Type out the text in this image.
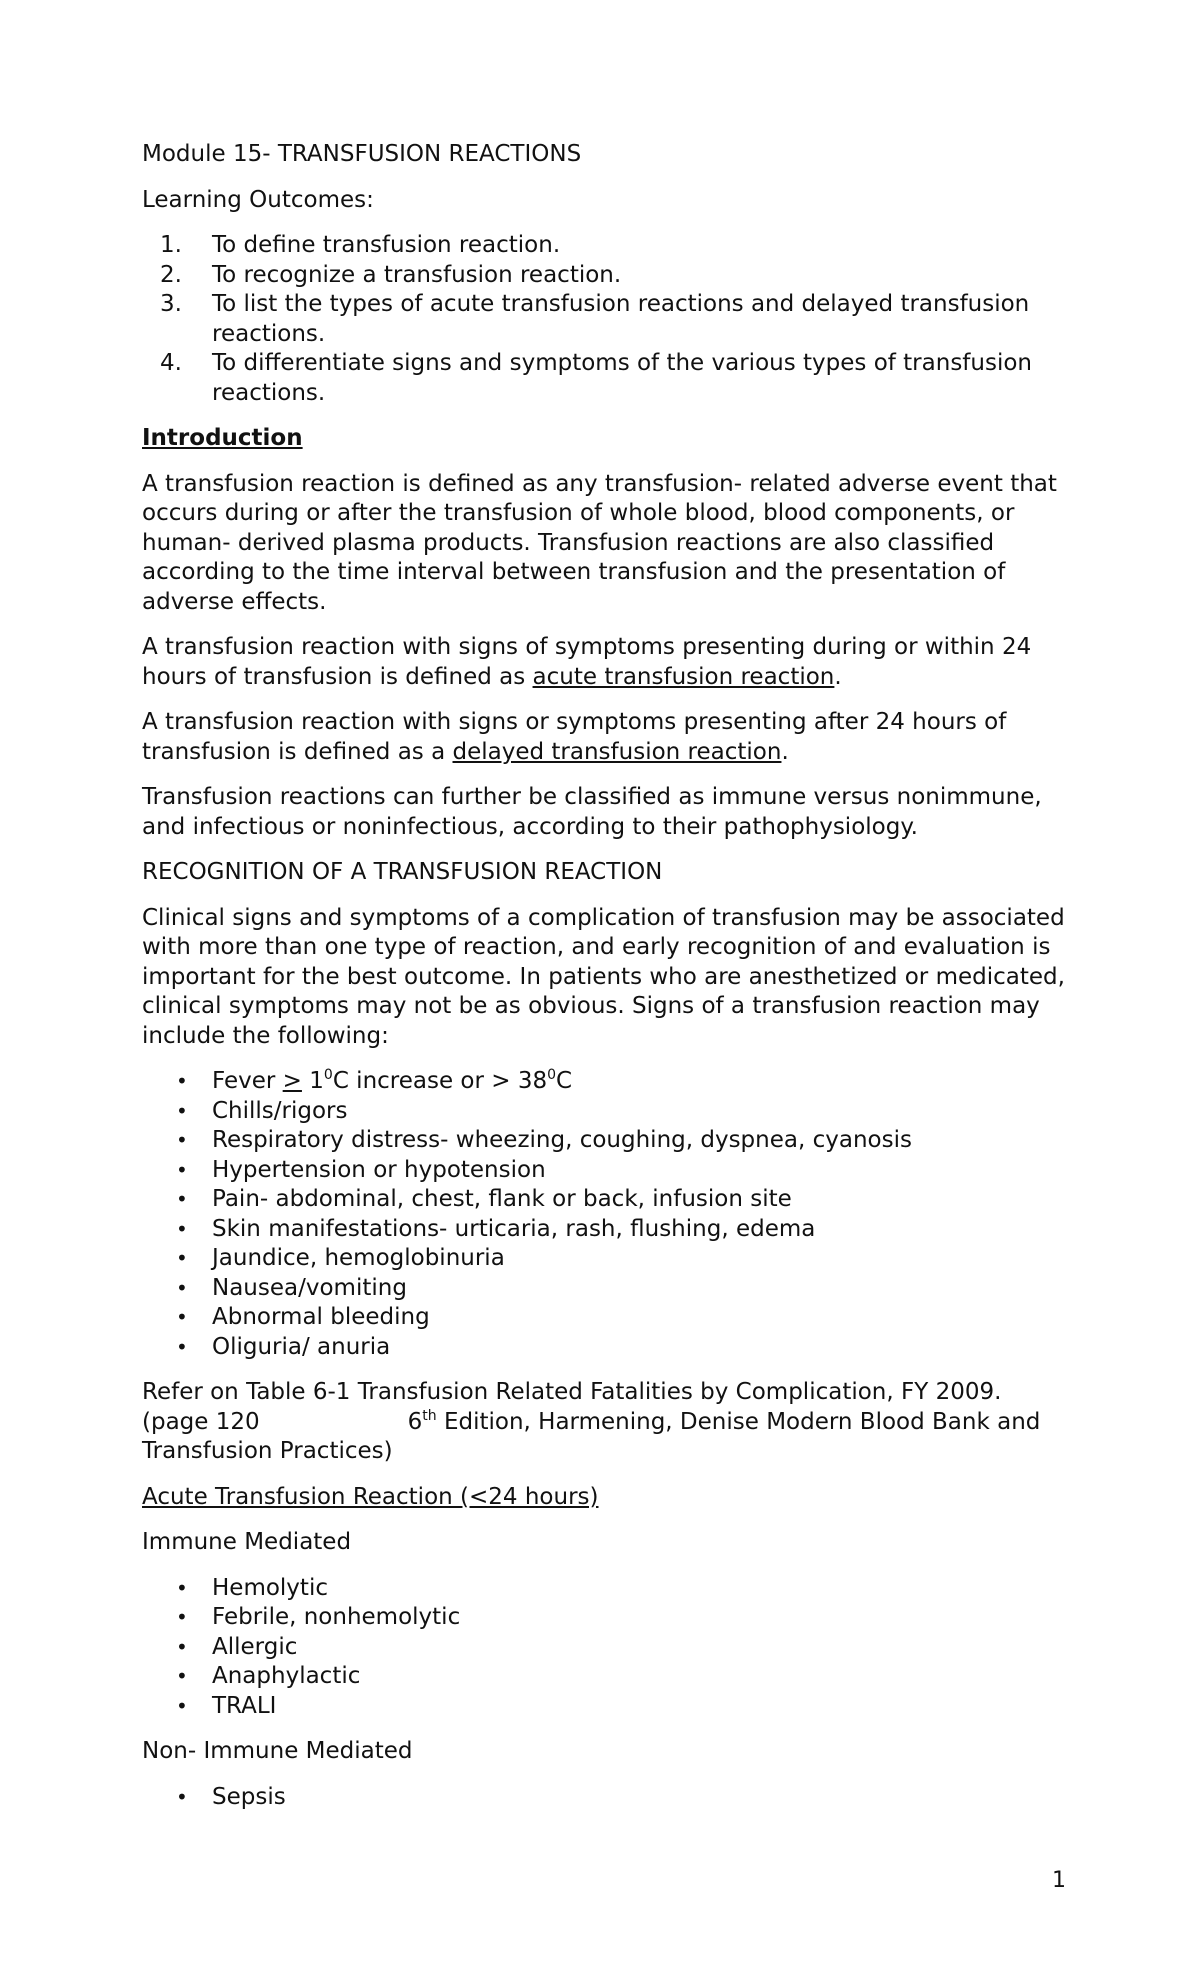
Module 15- TRANSFUSION REACTIONS

Learning Outcomes:

1.	To define transfusion reaction.
2.	To recognize a transfusion reaction.
3.	To list the types of acute transfusion reactions and delayed transfusion reactions.
4.	To differentiate signs and symptoms of the various types of transfusion reactions.

Introduction

A transfusion reaction is defined as any transfusion- related adverse event that occurs during or after the transfusion of whole blood, blood components, or human- derived plasma products. Transfusion reactions are also classified according to the time interval between transfusion and the presentation of adverse effects.

A transfusion reaction with signs of symptoms presenting during or within 24 hours of transfusion is defined as acute transfusion reaction.

A transfusion reaction with signs or symptoms presenting after 24 hours of transfusion is defined as a delayed transfusion reaction.

Transfusion reactions can further be classified as immune versus nonimmune, and infectious or noninfectious, according to their pathophysiology.

RECOGNITION OF A TRANSFUSION REACTION

Clinical signs and symptoms of a complication of transfusion may be associated with more than one type of reaction, and early recognition of and evaluation is important for the best outcome. In patients who are anesthetized or medicated, clinical symptoms may not be as obvious. Signs of a transfusion reaction may include the following:

• Fever > $1^0C$ increase or > $38^0C$
• Chills/rigors
• Respiratory distress- wheezing, coughing, dyspnea, cyanosis
• Hypertension or hypotension
• Pain- abdominal, chest, flank or back, infusion site
• Skin manifestations- urticaria, rash, flushing, edema
• Jaundice, hemoglobinuria
• Nausea/vomiting
• Abnormal bleeding
• Oliguria/ anuria

Refer on Table 6-1 Transfusion Related Fatalities by Complication, FY 2009.
(page 120	6th Edition, Harmening, Denise Modern Blood Bank and
Transfusion Practices)

Acute Transfusion Reaction (<24 hours)

Immune Mediated

• Hemolytic
• Febrile, nonhemolytic
• Allergic
• Anaphylactic
• TRALI

Non- Immune Mediated

• Sepsis
1
